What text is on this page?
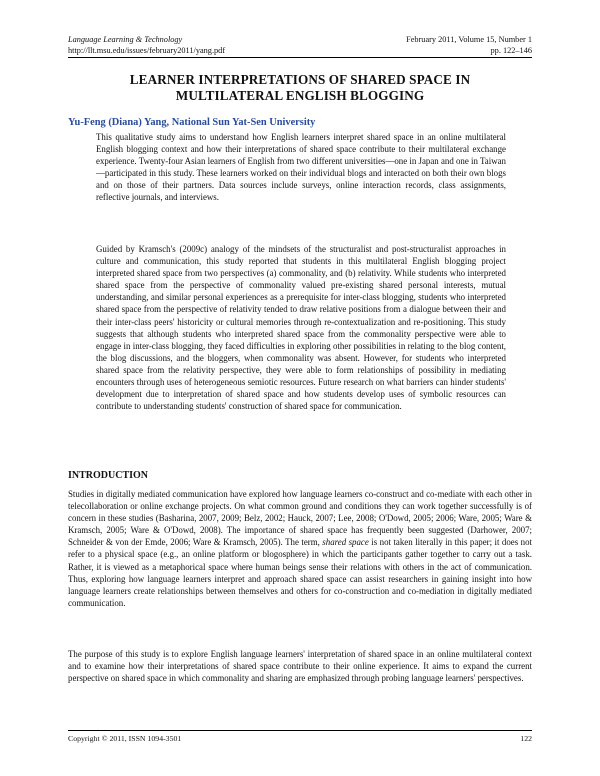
Language Learning & Technology	February 2011, Volume 15, Number 1
http://llt.msu.edu/issues/february2011/yang.pdf	pp. 122–146
LEARNER INTERPRETATIONS OF SHARED SPACE IN
MULTILATERAL ENGLISH BLOGGING
Yu-Feng (Diana) Yang, National Sun Yat-Sen University

This qualitative study aims to understand how English learners interpret shared space in an online multilateral English blogging context and how their interpretations of shared space contribute to their multilateral exchange experience. Twenty-four Asian learners of English from two different universities—one in Japan and one in Taiwan—participated in this study. These learners worked on their individual blogs and interacted on both their own blogs and on those of their partners. Data sources include surveys, online interaction records, class assignments, reflective journals, and interviews.

Guided by Kramsch's (2009c) analogy of the mindsets of the structuralist and post-structuralist approaches in culture and communication, this study reported that students in this multilateral English blogging project interpreted shared space from two perspectives (a) commonality, and (b) relativity. While students who interpreted shared space from the perspective of commonality valued pre-existing shared personal interests, mutual understanding, and similar personal experiences as a prerequisite for inter-class blogging, students who interpreted shared space from the perspective of relativity tended to draw relative positions from a dialogue between their and their inter-class peers' historicity or cultural memories through re-contextualization and re-positioning. This study suggests that although students who interpreted shared space from the commonality perspective were able to engage in inter-class blogging, they faced difficulties in exploring other possibilities in relating to the blog content, the blog discussions, and the bloggers, when commonality was absent. However, for students who interpreted shared space from the relativity perspective, they were able to form relationships of possibility in mediating encounters through uses of heterogeneous semiotic resources. Future research on what barriers can hinder students' development due to interpretation of shared space and how students develop uses of symbolic resources can contribute to understanding students' construction of shared space for communication.

INTRODUCTION

Studies in digitally mediated communication have explored how language learners co-construct and co-mediate with each other in telecollaboration or online exchange projects. On what common ground and conditions they can work together successfully is of concern in these studies (Basharina, 2007, 2009; Belz, 2002; Hauck, 2007; Lee, 2008; O'Dowd, 2005; 2006; Ware, 2005; Ware & Kramsch, 2005; Ware & O'Dowd, 2008). The importance of shared space has frequently been suggested (Darhower, 2007; Schneider & von der Emde, 2006; Ware & Kramsch, 2005). The term, shared space is not taken literally in this paper; it does not refer to a physical space (e.g., an online platform or blogosphere) in which the participants gather together to carry out a task. Rather, it is viewed as a metaphorical space where human beings sense their relations with others in the act of communication. Thus, exploring how language learners interpret and approach shared space can assist researchers in gaining insight into how language learners create relationships between themselves and others for co-construction and co-mediation in digitally mediated communication.

The purpose of this study is to explore English language learners' interpretation of shared space in an online multilateral context and to examine how their interpretations of shared space contribute to their online experience. It aims to expand the current perspective on shared space in which commonality and sharing are emphasized through probing language learners' perspectives.

Copyright © 2011, ISSN 1094-3501	122
